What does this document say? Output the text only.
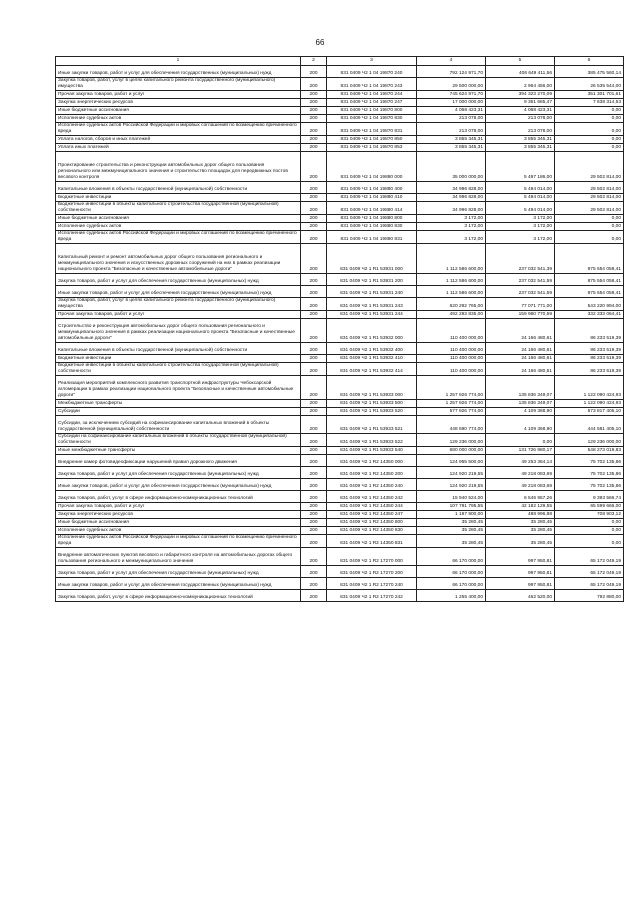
66
1	2	3	4	5	6
Иные закупки товаров, работ и услуг для обеспечения государственных (муниципальных) нужд	200	831 0409 Ч2 1 04 19870 240	792 124 971,70	406 649 411,56	385 475 560,14
Закупка товаров, работ, услуг в целях капитального ремонта государственного (муниципального) имущества	200	831 0409 Ч2 1 04 19870 243	29 500 000,00	2 964 456,00	26 535 544,00
Прочая закупка товаров, работ и услуг	200	831 0409 Ч2 1 04 19870 244	745 624 971,70	394 323 270,09	351 301 701,61
Закупка энергетических ресурсов	200	831 0409 Ч2 1 04 19870 247	17 000 000,00	9 361 685,47	7 638 314,53
Иные бюджетные ассигнования	200	831 0409 Ч2 1 04 19870 800	4 068 423,31	4 068 423,31	0,00
Исполнение судебных актов	200	831 0409 Ч2 1 04 19870 830	213 078,00	213 078,00	0,00
Исполнение судебных актов Российской Федерации и мировых соглашений по возмещению причиненного вреда	200	831 0409 Ч2 1 04 19870 831	213 078,00	213 078,00	0,00
Уплата налогов, сборов и иных платежей	200	831 0409 Ч2 1 04 19870 850	3 855 345,31	3 855 345,31	0,00
Уплата иных платежей	200	831 0409 Ч2 1 04 19870 853	3 855 345,31	3 855 345,31	0,00
Проектирование строительства и реконструкции автомобильных дорог общего пользования регионального или межмуниципального значения и строительство площадок для передвижных постов весового контроля	200	831 0409 Ч2 1 04 19880 000	35 000 000,00	5 497 186,00	29 502 814,00
Капитальные вложения в объекты государственной (муниципальной) собственности	200	831 0409 Ч2 1 04 19880 400	34 996 828,00	5 494 014,00	29 502 814,00
Бюджетные инвестиции	200	831 0409 Ч2 1 04 19880 410	34 996 828,00	5 494 014,00	29 502 814,00
Бюджетные инвестиции в объекты капитального строительства государственной (муниципальной) собственности	200	831 0409 Ч2 1 04 19880 414	34 996 828,00	5 494 014,00	29 502 814,00
Иные бюджетные ассигнования	200	831 0409 Ч2 1 04 19880 800	3 172,00	3 172,00	0,00
Исполнение судебных актов	200	831 0409 Ч2 1 04 19880 830	3 172,00	3 172,00	0,00
Исполнение судебных актов Российской Федерации и мировых соглашений по возмещению причиненного вреда	200	831 0409 Ч2 1 04 19880 831	3 172,00	3 172,00	0,00
Капитальный ремонт и ремонт автомобильных дорог общего пользования регионального и межмуниципального значения и искусственных дорожных сооружений на них в рамках реализации национального проекта "Безопасные и качественные автомобильные дороги"	200	831 0409 Ч2 1 R1 53931 000	1 112 586 600,00	237 032 541,39	875 554 058,41
Закупка товаров, работ и услуг для обеспечения государственных (муниципальных) нужд	200	831 0409 Ч2 1 R1 53931 200	1 112 586 600,00	237 032 541,59	875 554 058,41
Иные закупки товаров, работ и услуг для обеспечения государственных (муниципальных) нужд	200	831 0409 Ч2 1 R1 53931 240	1 112 586 600,00	237 032 541,59	875 554 058,41
Закупка товаров, работ, услуг в целях капитального ремонта государственного (муниципального) имущества	200	831 0409 Ч2 1 R1 53931 243	620 292 765,00	77 071 771,00	543 220 994,00
Прочая закупка товаров, работ и услуг	200	831 0409 Ч2 1 R1 53931 244	492 293 835,00	159 960 770,59	332 333 064,41
Строительство и реконструкция автомобильных дорог общего пользования регионального и межмуниципального значения в рамках реализации национального проекта "Безопасные и качественные автомобильные дороги"	200	831 0409 Ч2 1 R1 53932 000	110 400 000,00	24 166 480,61	86 233 519,39
Капитальные вложения в объекты государственной (муниципальной) собственности	200	831 0409 Ч2 1 R1 53932 400	110 400 000,00	24 166 480,61	86 233 519,39
Бюджетные инвестиции	200	831 0409 Ч2 1 R1 53932 410	110 400 000,00	24 166 480,61	86 233 519,39
Бюджетные инвестиции в объекты капитального строительства государственной (муниципальной) собственности	200	831 0409 Ч2 1 R1 53932 414	110 400 000,00	24 166 480,61	86 233 519,39
Реализация мероприятий комплексного развития транспортной инфраструктуры Чебоксарской агломерации в рамках реализации национального проекта "Безопасные и качественные автомобильные дороги"	200	831 0409 Ч2 1 R1 53933 000	1 257 926 774,00	135 836 349,07	1 122 090 424,93
Межбюджетные трансферты	200	831 0409 Ч2 1 R1 53933 500	1 257 926 774,00	135 836 349,07	1 122 090 424,93
Субсидии	200	831 0409 Ч2 1 R1 53933 520	577 926 774,00	4 109 368,90	573 817 405,10
Субсидии, за исключением субсидий на софинансирование капитальных вложений в объекты государственной (муниципальной) собственности	200	831 0409 Ч2 1 R1 53933 521	448 690 774,00	4 109 368,90	444 581 405,10
Субсидии на софинансирование капитальных вложений в объекты государственной (муниципальной) собственности	200	831 0409 Ч2 1 R1 53933 522	129 236 000,00	0,00	129 236 000,00
Иные межбюджетные трансферты	200	831 0409 Ч2 1 R1 53933 540	680 000 000,00	131 726 980,17	548 273 019,83
Внедрение камер фотовидеофиксации нарушений правил дорожного движения	200	831 0409 Ч2 1 R2 14350 000	124 955 500,00	49 253 364,14	75 702 135,86
Закупка товаров, работ и услуг для обеспечения государственных (муниципальных) нужд	200	831 0409 Ч2 1 R2 14350 200	124 920 219,55	49 218 083,69	75 702 135,86
Иные закупки товаров, работ и услуг для обеспечения государственных (муниципальных) нужд	200	831 0409 Ч2 1 R2 14350 240	124 920 219,55	49 218 083,69	75 702 135,86
Закупка товаров, работ, услуг в сфере информационно-коммуникационных технологий	200	831 0409 Ч2 1 R2 14350 242	15 940 524,00	6 546 957,26	9 393 566,74
Прочая закупка товаров, работ и услуг	200	831 0409 Ч2 1 R2 14350 244	107 781 795,55	42 182 129,55	65 599 666,00
Закупка энергетических ресурсов	200	831 0409 Ч2 1 R2 14350 247	1 197 900,00	488 996,88	708 903,12
Иные бюджетные ассигнования	200	831 0409 Ч2 1 R2 14350 800	35 280,45	35 280,45	0,00
Исполнение судебных актов	200	831 0409 Ч2 1 R2 14350 830	35 280,45	35 280,45	0,00
Исполнение судебных актов Российской Федерации и мировых соглашений по возмещению причиненного вреда	200	831 0409 Ч2 1 R2 14350 831	35 280,45	35 280,45	0,00
Внедрение автоматических пунктов весового и габаритного контроля на автомобильных дорогах общего пользования регионального и межмуниципального значения	200	831 0409 Ч2 1 R2 17270 000	66 170 000,00	997 950,81	65 172 049,19
Закупка товаров, работ и услуг для обеспечения государственных (муниципальных) нужд	200	831 0409 Ч2 1 R2 17270 200	66 170 000,00	997 950,81	65 172 049,19
Иные закупки товаров, работ и услуг для обеспечения государственных (муниципальных) нужд	200	831 0409 Ч2 1 R2 17270 240	66 170 000,00	997 950,81	65 172 049,19
Закупка товаров, работ, услуг в сфере информационно-коммуникационных технологий	200	831 0409 Ч2 1 R2 17270 242	1 255 400,00	462 520,00	792 880,00
